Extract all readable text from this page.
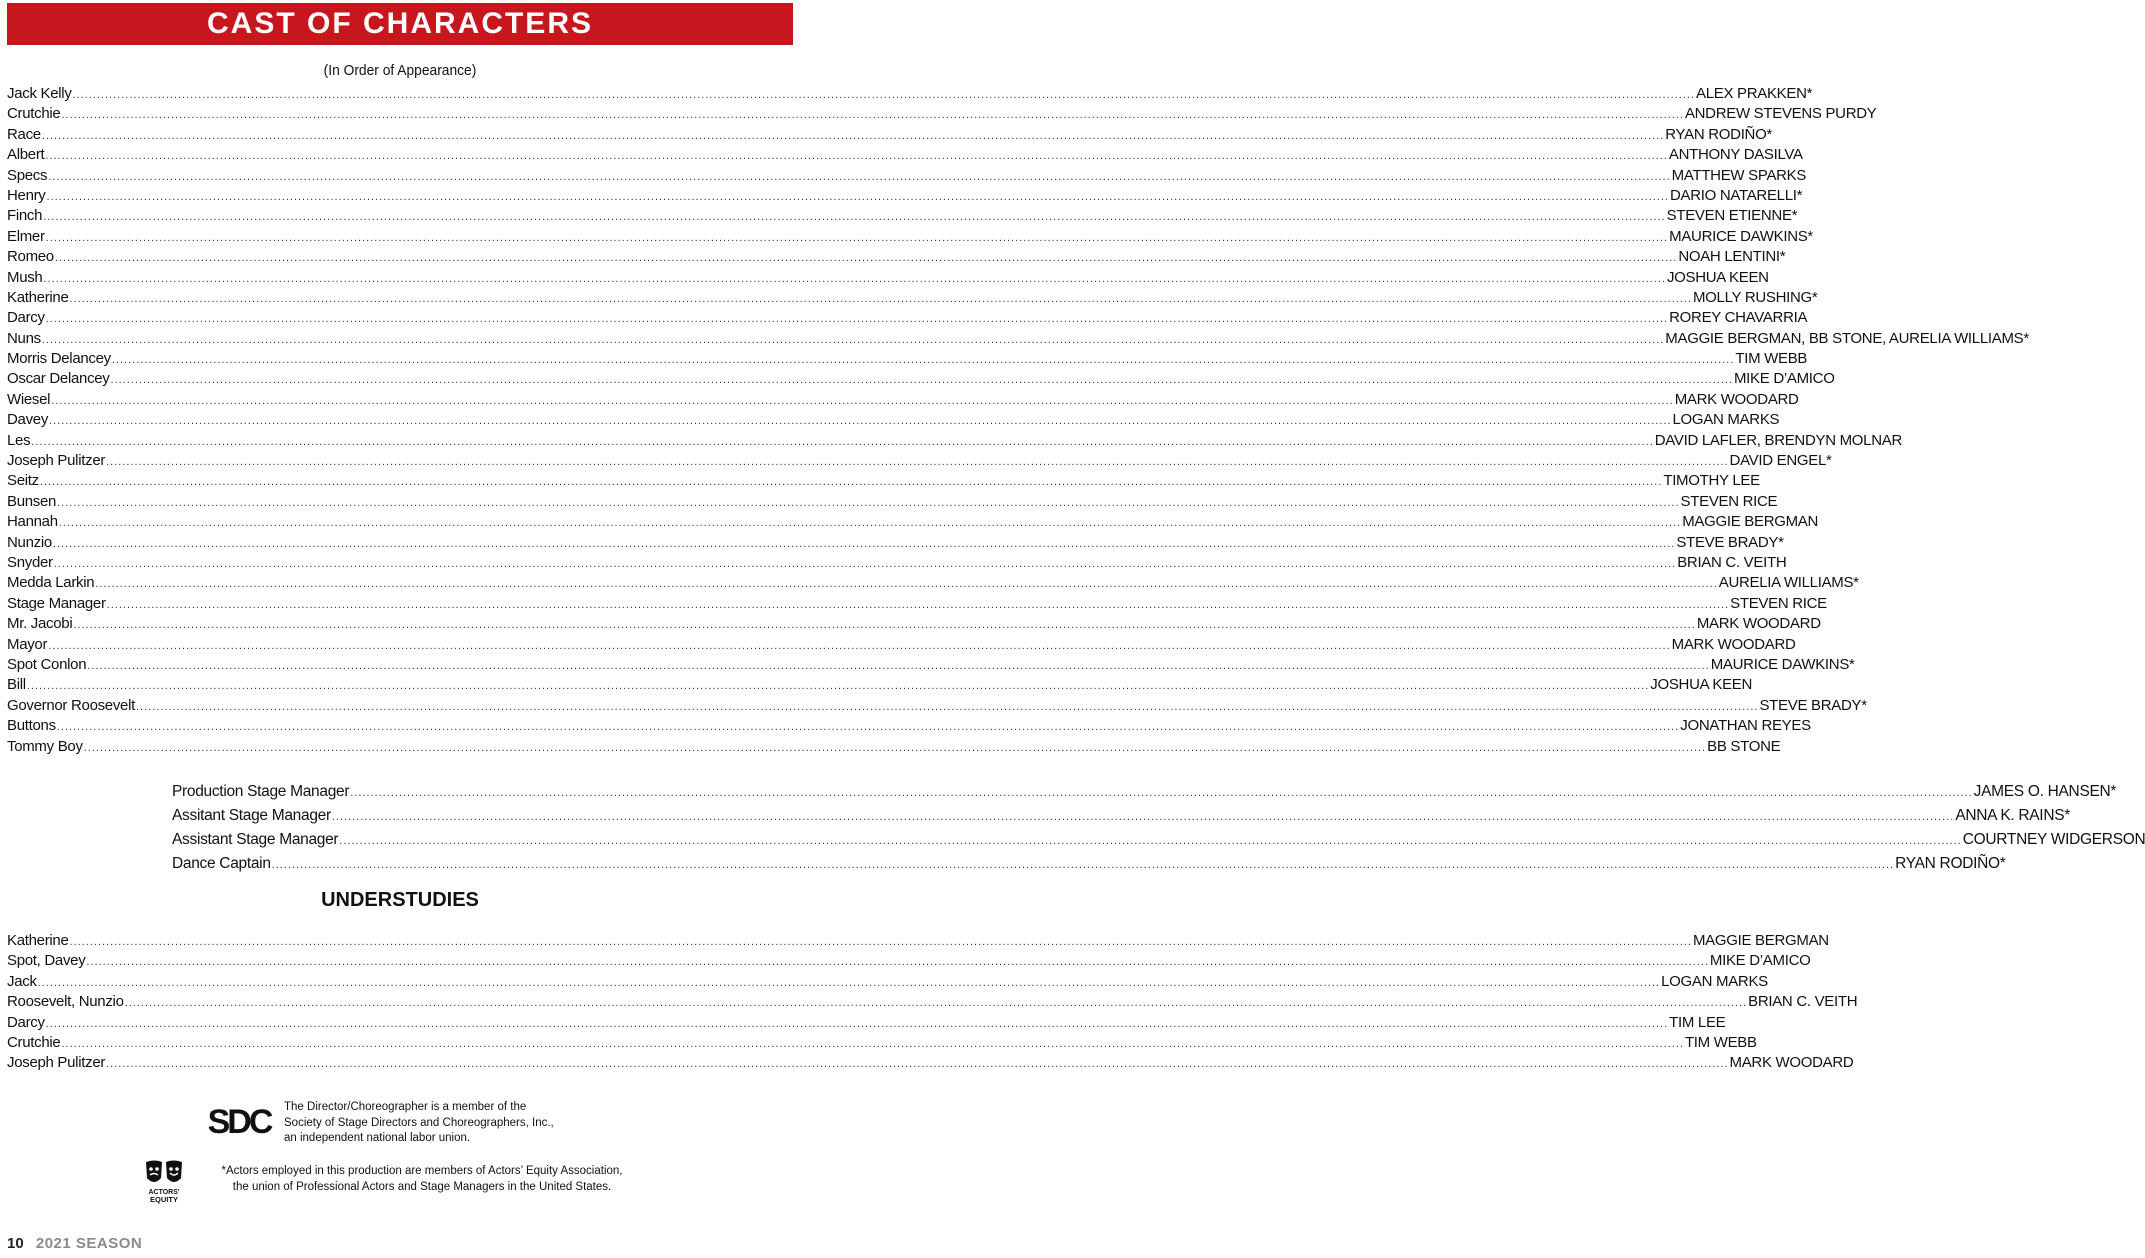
CAST OF CHARACTERS
(In Order of Appearance)
Jack Kelly ................................................................................................................................................................................................................................................................................................................................................................................................................ ALEX PRAKKEN*
Crutchie ................................................................................................................................................................................................................................................................................................................................................................................................................ ANDREW STEVENS PURDY
Race ................................................................................................................................................................................................................................................................................................................................................................................................................ RYAN RODIÑO*
Albert ................................................................................................................................................................................................................................................................................................................................................................................................................ ANTHONY DASILVA
Specs ................................................................................................................................................................................................................................................................................................................................................................................................................ MATTHEW SPARKS
Henry ................................................................................................................................................................................................................................................................................................................................................................................................................ DARIO NATARELLI*
Finch ................................................................................................................................................................................................................................................................................................................................................................................................................ STEVEN ETIENNE*
Elmer ................................................................................................................................................................................................................................................................................................................................................................................................................ MAURICE DAWKINS*
Romeo ................................................................................................................................................................................................................................................................................................................................................................................................................ NOAH LENTINI*
Mush ................................................................................................................................................................................................................................................................................................................................................................................................................ JOSHUA KEEN
Katherine ................................................................................................................................................................................................................................................................................................................................................................................................................ MOLLY RUSHING*
Darcy ................................................................................................................................................................................................................................................................................................................................................................................................................ ROREY CHAVARRIA
Nuns ................................................................................................................................................................................................................................................................................................................................................................................................................ MAGGIE BERGMAN, BB STONE, AURELIA WILLIAMS*
Morris Delancey ................................................................................................................................................................................................................................................................................................................................................................................................................ TIM WEBB
Oscar Delancey ................................................................................................................................................................................................................................................................................................................................................................................................................ MIKE D’AMICO
Wiesel ................................................................................................................................................................................................................................................................................................................................................................................................................ MARK WOODARD
Davey ................................................................................................................................................................................................................................................................................................................................................................................................................ LOGAN MARKS
Les ................................................................................................................................................................................................................................................................................................................................................................................................................ DAVID LAFLER, BRENDYN MOLNAR
Joseph Pulitzer ................................................................................................................................................................................................................................................................................................................................................................................................................ DAVID ENGEL*
Seitz ................................................................................................................................................................................................................................................................................................................................................................................................................ TIMOTHY LEE
Bunsen ................................................................................................................................................................................................................................................................................................................................................................................................................ STEVEN RICE
Hannah ................................................................................................................................................................................................................................................................................................................................................................................................................ MAGGIE BERGMAN
Nunzio ................................................................................................................................................................................................................................................................................................................................................................................................................ STEVE BRADY*
Snyder ................................................................................................................................................................................................................................................................................................................................................................................................................ BRIAN C. VEITH
Medda Larkin ................................................................................................................................................................................................................................................................................................................................................................................................................ AURELIA WILLIAMS*
Stage Manager ................................................................................................................................................................................................................................................................................................................................................................................................................ STEVEN RICE
Mr. Jacobi ................................................................................................................................................................................................................................................................................................................................................................................................................ MARK WOODARD
Mayor ................................................................................................................................................................................................................................................................................................................................................................................................................ MARK WOODARD
Spot Conlon ................................................................................................................................................................................................................................................................................................................................................................................................................ MAURICE DAWKINS*
Bill ................................................................................................................................................................................................................................................................................................................................................................................................................ JOSHUA KEEN
Governor Roosevelt ................................................................................................................................................................................................................................................................................................................................................................................................................ STEVE BRADY*
Buttons ................................................................................................................................................................................................................................................................................................................................................................................................................ JONATHAN REYES
Tommy Boy ................................................................................................................................................................................................................................................................................................................................................................................................................ BB STONE
Production Stage Manager ................................................................................................................................................................................................................................................................................................................................................................................................................ JAMES O. HANSEN*
Assitant Stage Manager ................................................................................................................................................................................................................................................................................................................................................................................................................ ANNA K. RAINS*
Assistant Stage Manager ................................................................................................................................................................................................................................................................................................................................................................................................................ COURTNEY WIDGERSON
Dance Captain ................................................................................................................................................................................................................................................................................................................................................................................................................ RYAN RODIÑO*
UNDERSTUDIES
Katherine ................................................................................................................................................................................................................................................................................................................................................................................................................ MAGGIE BERGMAN
Spot, Davey ................................................................................................................................................................................................................................................................................................................................................................................................................ MIKE D’AMICO
Jack ................................................................................................................................................................................................................................................................................................................................................................................................................ LOGAN MARKS
Roosevelt, Nunzio ................................................................................................................................................................................................................................................................................................................................................................................................................ BRIAN C. VEITH
Darcy ................................................................................................................................................................................................................................................................................................................................................................................................................ TIM LEE
Crutchie ................................................................................................................................................................................................................................................................................................................................................................................................................ TIM WEBB
Joseph Pulitzer ................................................................................................................................................................................................................................................................................................................................................................................................................ MARK WOODARD
SDC The Director/Choreographer is a member of the
Society of Stage Directors and Choreographers, Inc.,
an independent national labor union.
ACTORS'
EQUITY
*Actors employed in this production are members of Actors’ Equity Association,
the union of Professional Actors and Stage Managers in the United States.
10 2021 SEASON
